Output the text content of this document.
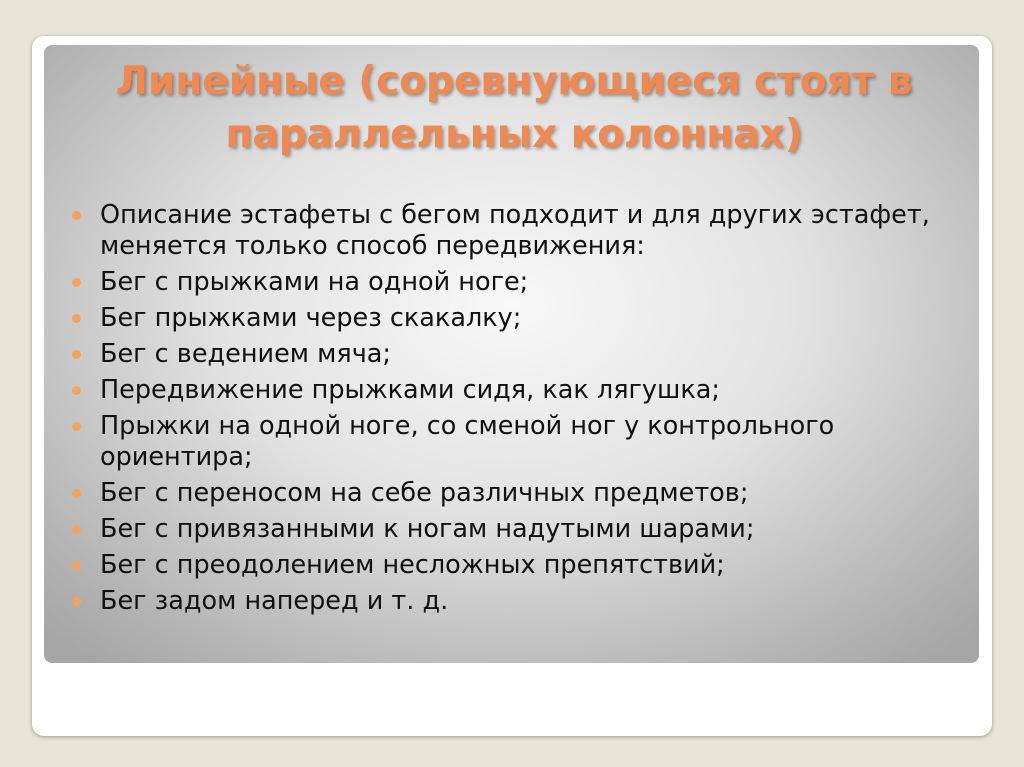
Линейные (соревнующиеся стоят в параллельных колоннах)
Описание эстафеты с бегом подходит и для других эстафет, меняется только способ передвижения:
Бег с прыжками на одной ноге;
Бег прыжками через скакалку;
Бег с ведением мяча;
Передвижение прыжками сидя, как лягушка;
Прыжки на одной ноге, со сменой ног у контрольного ориентира;
Бег с переносом на себе различных предметов;
Бег с привязанными к ногам надутыми шарами;
Бег с преодолением несложных препятствий;
Бег задом наперед и т. д.
